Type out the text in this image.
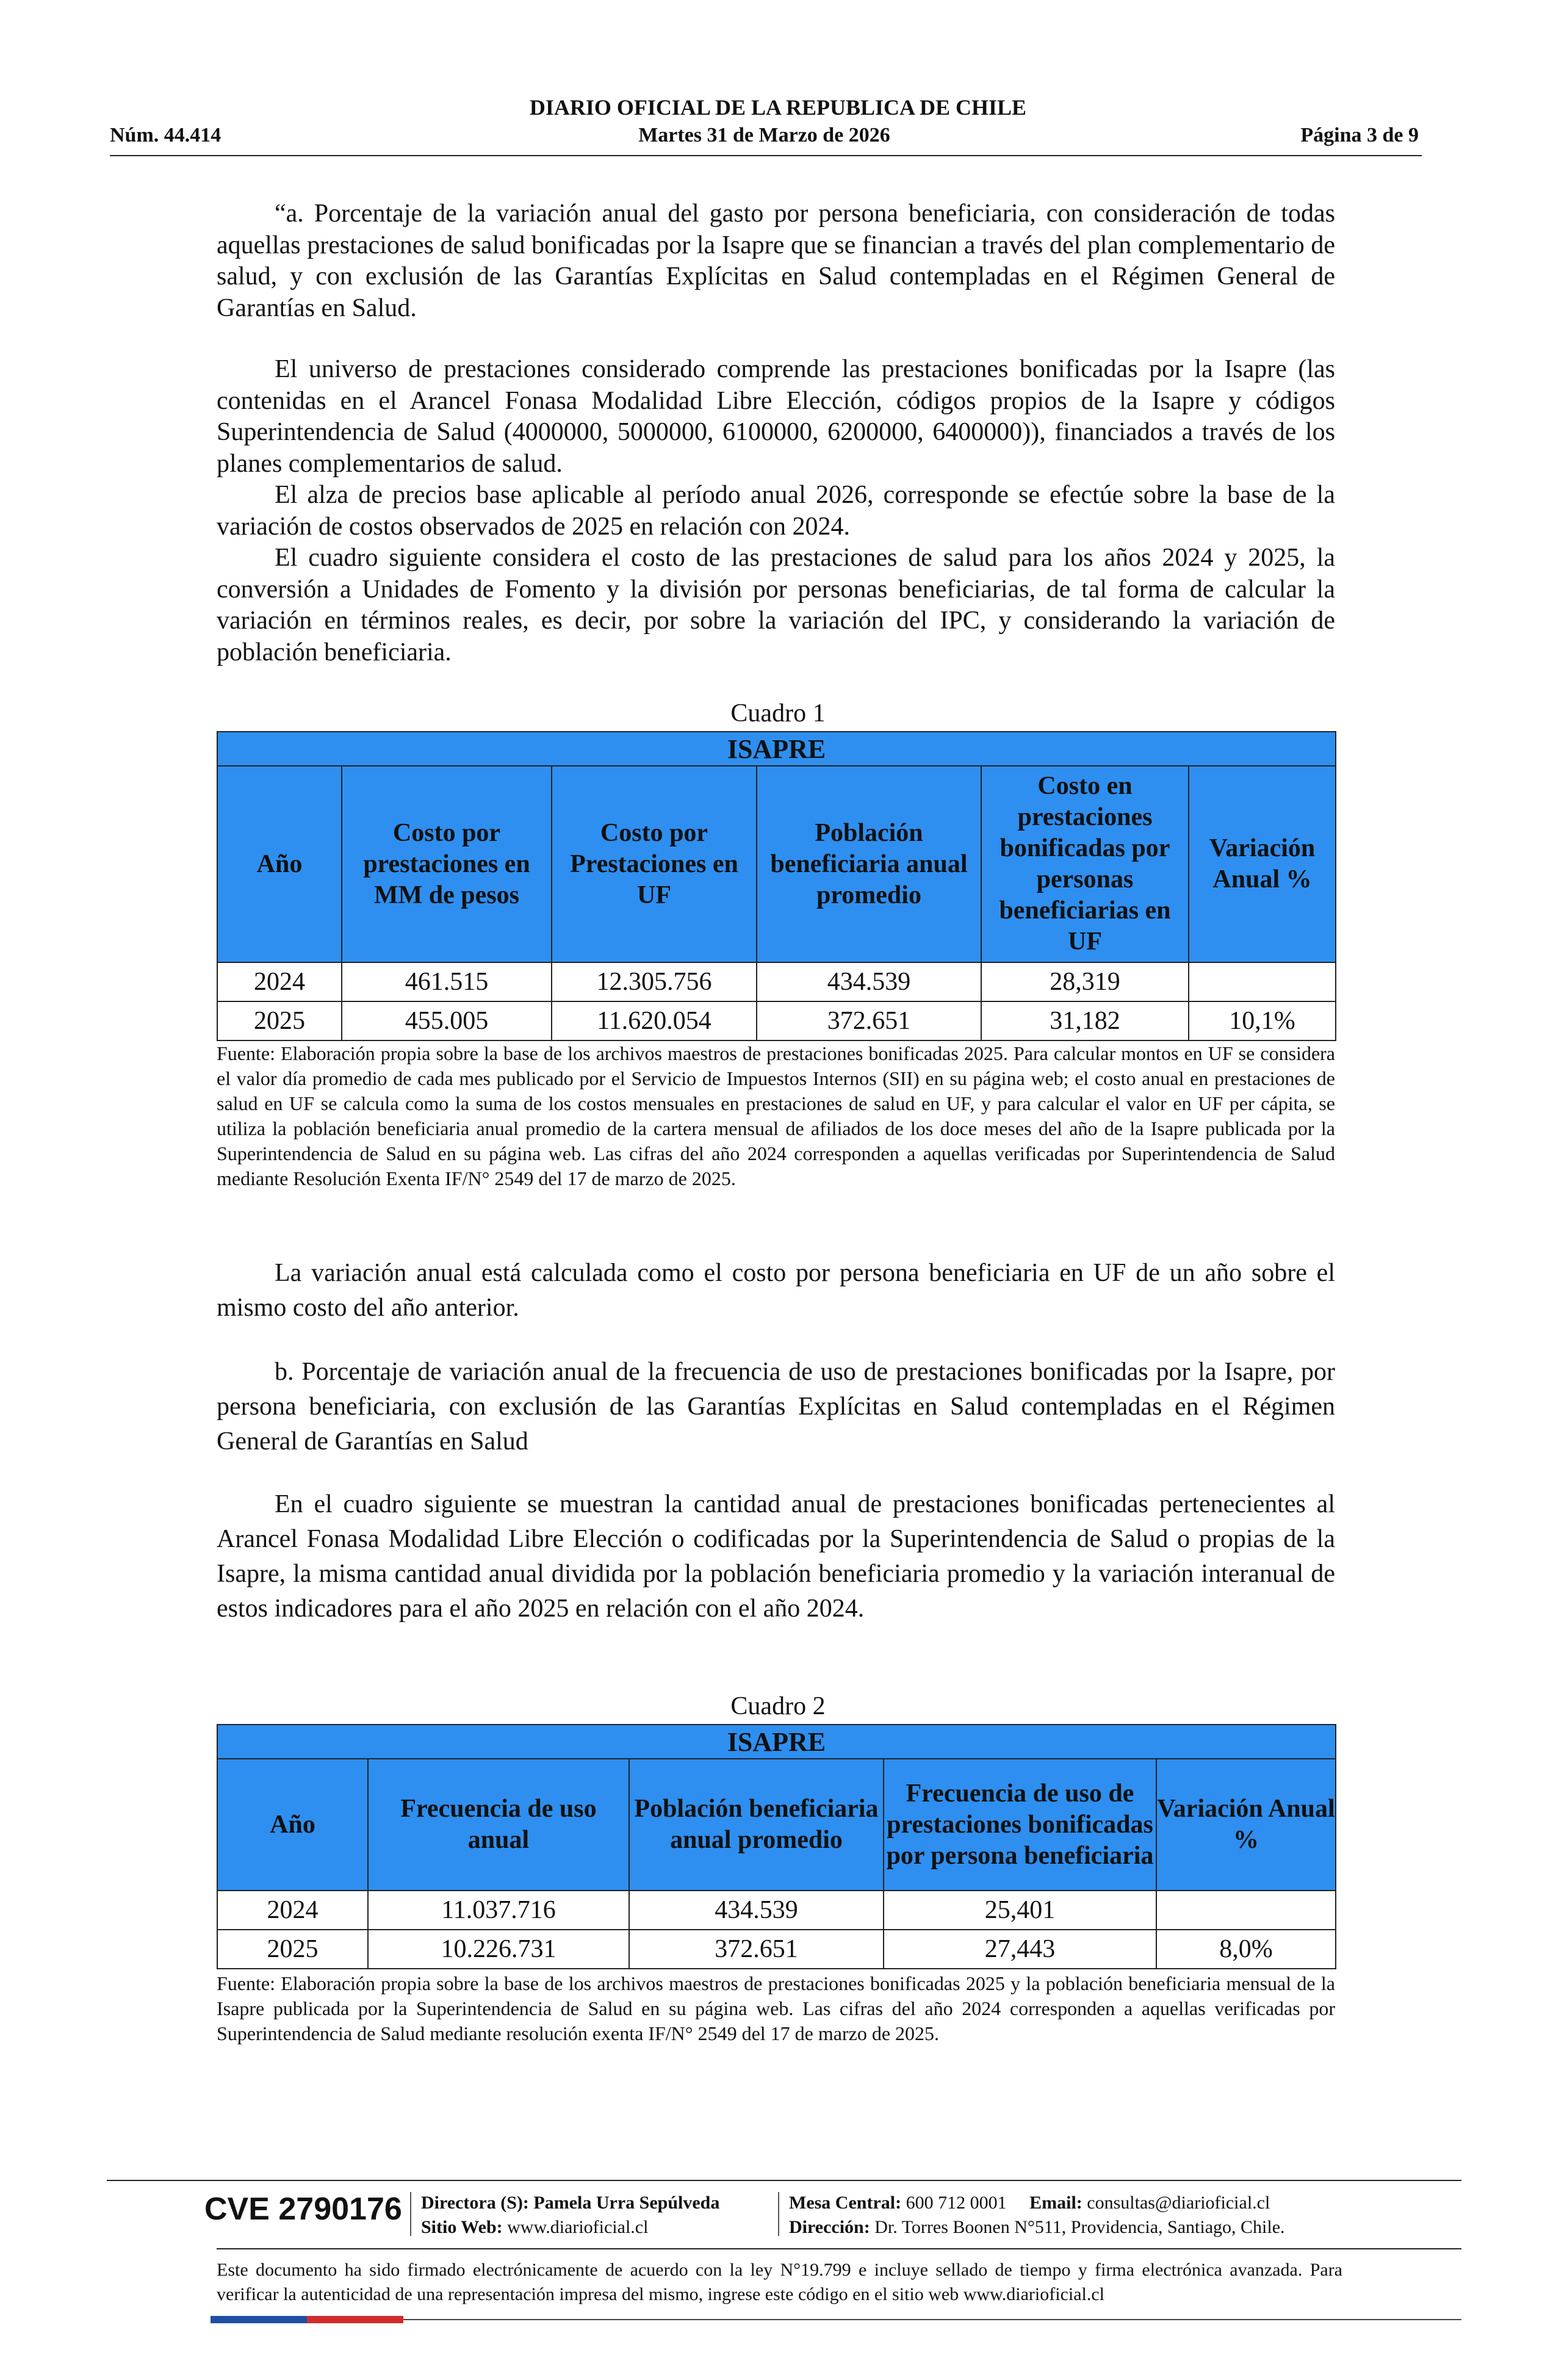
DIARIO OFICIAL DE LA REPUBLICA DE CHILE
Núm. 44.414	Martes 31 de Marzo de 2026	Página 3 de 9

“a. Porcentaje de la variación anual del gasto por persona beneficiaria, con consideración de todas aquellas prestaciones de salud bonificadas por la Isapre que se financian a través del plan complementario de salud, y con exclusión de las Garantías Explícitas en Salud contempladas en el Régimen General de Garantías en Salud.

El universo de prestaciones considerado comprende las prestaciones bonificadas por la Isapre (las contenidas en el Arancel Fonasa Modalidad Libre Elección, códigos propios de la Isapre y códigos Superintendencia de Salud (4000000, 5000000, 6100000, 6200000, 6400000)), financiados a través de los planes complementarios de salud.

El alza de precios base aplicable al período anual 2026, corresponde se efectúe sobre la base de la variación de costos observados de 2025 en relación con 2024.

El cuadro siguiente considera el costo de las prestaciones de salud para los años 2024 y 2025, la conversión a Unidades de Fomento y la división por personas beneficiarias, de tal forma de calcular la variación en términos reales, es decir, por sobre la variación del IPC, y considerando la variación de población beneficiaria.

Cuadro 1
ISAPRE					
Año	Costo por prestaciones en MM de pesos	Costo por Prestaciones en UF	Población beneficiaria anual promedio	Costo en prestaciones bonificadas por personas beneficiarias en UF	Variación Anual %
2024	461.515	12.305.756	434.539	28,319	
2025	455.005	11.620.054	372.651	31,182	10,1%
Fuente: Elaboración propia sobre la base de los archivos maestros de prestaciones bonificadas 2025. Para calcular montos en UF se considera el valor día promedio de cada mes publicado por el Servicio de Impuestos Internos (SII) en su página web; el costo anual en prestaciones de salud en UF se calcula como la suma de los costos mensuales en prestaciones de salud en UF, y para calcular el valor en UF per cápita, se utiliza la población beneficiaria anual promedio de la cartera mensual de afiliados de los doce meses del año de la Isapre publicada por la Superintendencia de Salud en su página web. Las cifras del año 2024 corresponden a aquellas verificadas por Superintendencia de Salud mediante Resolución Exenta IF/N° 2549 del 17 de marzo de 2025.

La variación anual está calculada como el costo por persona beneficiaria en UF de un año sobre el mismo costo del año anterior.

b. Porcentaje de variación anual de la frecuencia de uso de prestaciones bonificadas por la Isapre, por persona beneficiaria, con exclusión de las Garantías Explícitas en Salud contempladas en el Régimen General de Garantías en Salud

En el cuadro siguiente se muestran la cantidad anual de prestaciones bonificadas pertenecientes al Arancel Fonasa Modalidad Libre Elección o codificadas por la Superintendencia de Salud o propias de la Isapre, la misma cantidad anual dividida por la población beneficiaria promedio y la variación interanual de estos indicadores para el año 2025 en relación con el año 2024.

Cuadro 2
ISAPRE				
Año	Frecuencia de uso anual	Población beneficiaria anual promedio	Frecuencia de uso de prestaciones bonificadas por persona beneficiaria	Variación Anual %
2024	11.037.716	434.539	25,401	
2025	10.226.731	372.651	27,443	8,0%
Fuente: Elaboración propia sobre la base de los archivos maestros de prestaciones bonificadas 2025 y la población beneficiaria mensual de la Isapre publicada por la Superintendencia de Salud en su página web. Las cifras del año 2024 corresponden a aquellas verificadas por Superintendencia de Salud mediante resolución exenta IF/N° 2549 del 17 de marzo de 2025.
CVE 2790176 Directora (S): Pamela Urra Sepúlveda
Sitio Web: www.diarioficial.cl
Mesa Central: 600 712 0001 Email: consultas@diarioficial.cl
Dirección: Dr. Torres Boonen N°511, Providencia, Santiago, Chile.
Este documento ha sido firmado electrónicamente de acuerdo con la ley N°19.799 e incluye sellado de tiempo y firma electrónica avanzada. Para verificar la autenticidad de una representación impresa del mismo, ingrese este código en el sitio web www.diarioficial.cl
